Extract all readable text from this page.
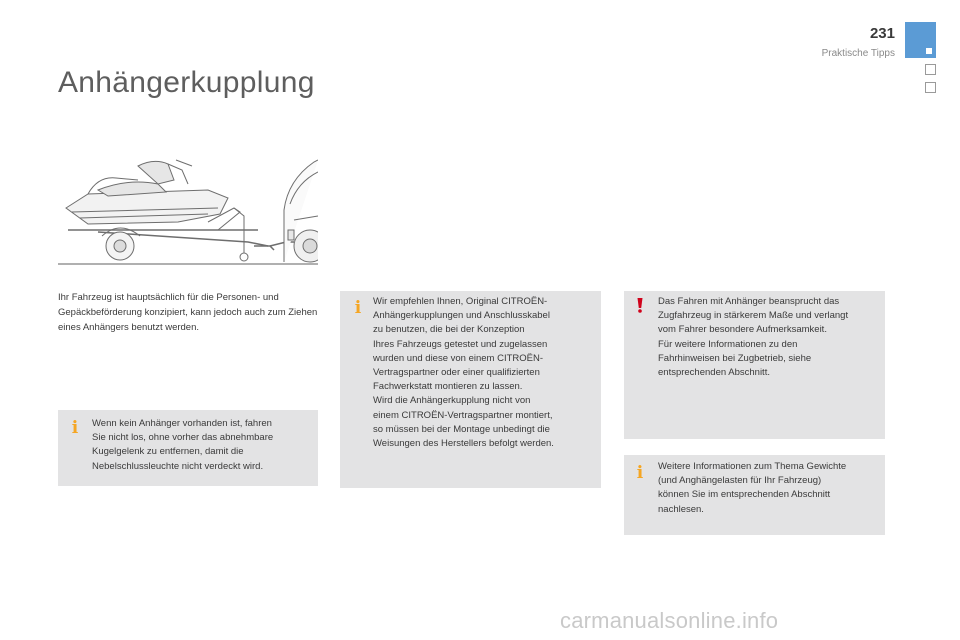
231
Praktische Tipps
Anhängerkupplung

Ihr Fahrzeug ist hauptsächlich für die Personen- und Gepäckbeförderung konzipiert, kann jedoch auch zum Ziehen eines Anhängers benutzt werden.

i Wenn kein Anhänger vorhanden ist, fahren
Sie nicht los, ohne vorher das abnehmbare
Kugelgelenk zu entfernen, damit die
Nebelschlussleuchte nicht verdeckt wird.
i Wir empfehlen Ihnen, Original CITROËN-
Anhängerkupplungen und Anschlusskabel
zu benutzen, die bei der Konzeption
Ihres Fahrzeugs getestet und zugelassen
wurden und diese von einem CITROËN-
Vertragspartner oder einer qualifizierten
Fachwerkstatt montieren zu lassen.
Wird die Anhängerkupplung nicht von
einem CITROËN-Vertragspartner montiert,
so müssen bei der Montage unbedingt die
Weisungen des Herstellers befolgt werden.
Das Fahren mit Anhänger beansprucht das
Zugfahrzeug in stärkerem Maße und verlangt
vom Fahrer besondere Aufmerksamkeit.
Für weitere Informationen zu den
Fahrhinweisen bei Zugbetrieb, siehe
entsprechenden Abschnitt.
i Weitere Informationen zum Thema Gewichte
(und Anghängelasten für Ihr Fahrzeug)
können Sie im entsprechenden Abschnitt
nachlesen.
carmanualsonline.info
